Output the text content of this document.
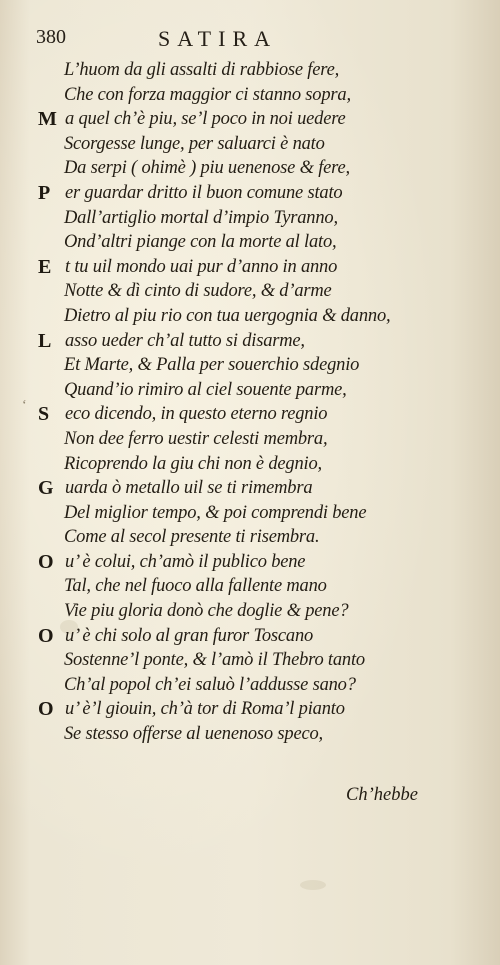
380	SATIRA
L’huom da gli assalti di rabbiose fere,
Che con forza maggior ci stanno sopra,
M a quel ch’è piu, se’l poco in noi uedere
Scorgesse lunge, per saluarci è nato
Da serpi ( ohimè ) piu uenenose & fere,
P er guardar dritto il buon comune stato
Dall’artiglio mortal d’impio Tyranno,
Ond’altri piange con la morte al lato,
E t tu uil mondo uai pur d’anno in anno
Notte & dì cinto di sudore, & d’arme
Dietro al piu rio con tua uergognia & danno,
L asso ueder ch’al tutto si disarme,
Et Marte, & Palla per souerchio sdegnio
Quand’io rimiro al ciel souente parme,
S eco dicendo, in questo eterno regnio
Non dee ferro uestir celesti membra,
Ricoprendo la giu chi non è degnio,
G uarda ò metallo uil se ti rimembra
Del miglior tempo, & poi comprendi bene
Come al secol presente ti risembra.
O u’ è colui, ch’amò il publico bene
Tal, che nel fuoco alla fallente mano
Vie piu gloria donò che doglie & pene?
O u’ è chi solo al gran furor Toscano
Sostenne’l ponte, & l’amò il Thebro tanto
Ch’al popol ch’ei saluò l’addusse sano?
O u’ è’l giouin, ch’à tor di Roma’l pianto
Se stesso offerse al uenenoso speco,
‘
Ch’hebbe
